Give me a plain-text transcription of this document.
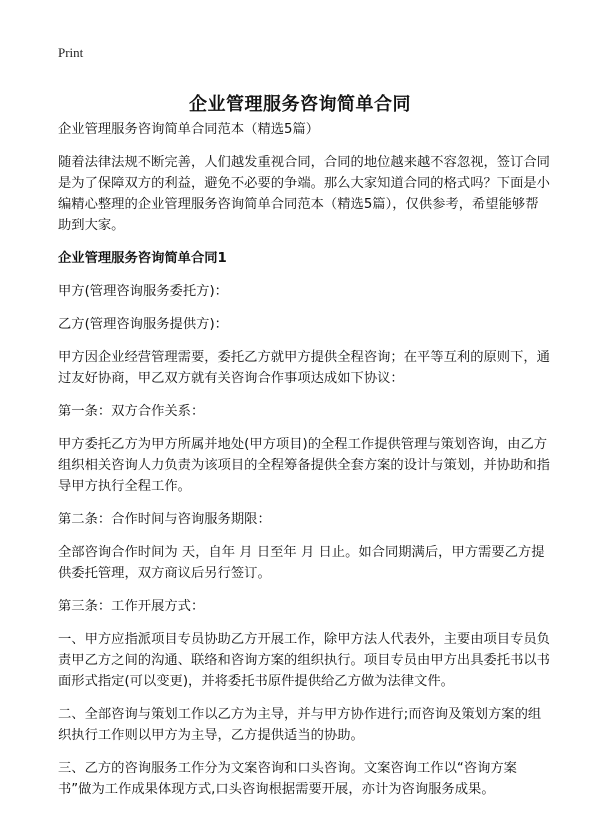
Print
企业管理服务咨询简单合同

企业管理服务咨询简单合同范本（精选5篇）

随着法律法规不断完善，人们越发重视合同，合同的地位越来越不容忽视，签订合同是为了保障双方的利益，避免不必要的争端。那么大家知道合同的格式吗？下面是小编精心整理的企业管理服务咨询简单合同范本（精选5篇），仅供参考，希望能够帮助到大家。

企业管理服务咨询简单合同1

甲方(管理咨询服务委托方)：

乙方(管理咨询服务提供方)：

甲方因企业经营管理需要，委托乙方就甲方提供全程咨询；在平等互利的原则下，通过友好协商，甲乙双方就有关咨询合作事项达成如下协议：

第一条：双方合作关系：

甲方委托乙方为甲方所属并地处(甲方项目)的全程工作提供管理与策划咨询，由乙方组织相关咨询人力负责为该项目的全程筹备提供全套方案的设计与策划，并协助和指导甲方执行全程工作。

第二条：合作时间与咨询服务期限：

全部咨询合作时间为 天，自年 月 日至年 月 日止。如合同期满后，甲方需要乙方提供委托管理，双方商议后另行签订。

第三条：工作开展方式：

一、甲方应指派项目专员协助乙方开展工作，除甲方法人代表外，主要由项目专员负责甲乙方之间的沟通、联络和咨询方案的组织执行。项目专员由甲方出具委托书以书面形式指定(可以变更)，并将委托书原件提供给乙方做为法律文件。

二、全部咨询与策划工作以乙方为主导，并与甲方协作进行;而咨询及策划方案的组织执行工作则以甲方为主导，乙方提供适当的协助。

三、乙方的咨询服务工作分为文案咨询和口头咨询。文案咨询工作以“咨询方案书”做为工作成果体现方式,口头咨询根据需要开展，亦计为咨询服务成果。
